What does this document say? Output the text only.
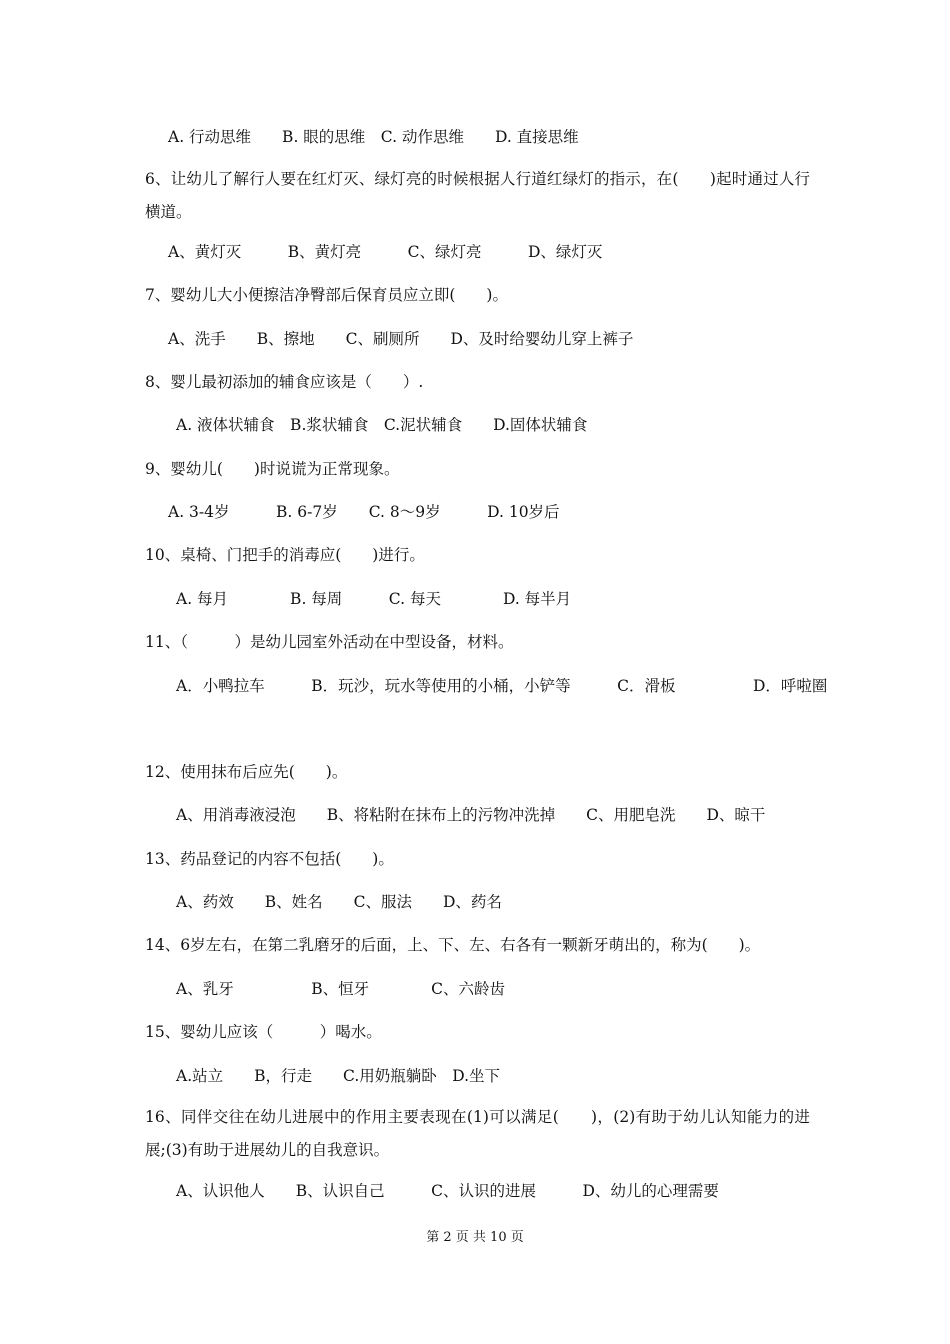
A. 行动思维　　B. 眼的思维　C. 动作思维　　D. 直接思维
6、让幼儿了解行人要在红灯灭、绿灯亮的时候根据人行道红绿灯的指示，在(　　)起时通过人行横道。
A、黄灯灭　　　B、黄灯亮　　　C、绿灯亮　　　D、绿灯灭
7、婴幼儿大小便擦洁净臀部后保育员应立即(　　)。
A、洗手　　B、擦地　　C、刷厕所　　D、及时给婴幼儿穿上裤子
8、婴儿最初添加的辅食应该是（　　）.
A. 液体状辅食　B.浆状辅食　C.泥状辅食　　D.固体状辅食
9、婴幼儿(　　)时说谎为正常现象。
A. 3-4岁　　　B. 6-7岁　　C. 8～9岁　　　D. 10岁后
10、桌椅、门把手的消毒应(　　)进行。
A. 每月　　　　B. 每周　　　C. 每天　　　　D. 每半月
11、（　　　）是幼儿园室外活动在中型设备，材料。
A．小鸭拉车　　　B．玩沙，玩水等使用的小桶，小铲等　　　C．滑板　　　　　D．呼啦圈
12、使用抹布后应先(　　)。
A、用消毒液浸泡　　B、将粘附在抹布上的污物冲洗掉　　C、用肥皂洗　　D、晾干
13、药品登记的内容不包括(　　)。
A、药效　　B、姓名　　C、服法　　D、药名
14、6岁左右，在第二乳磨牙的后面，上、下、左、右各有一颗新牙萌出的，称为(　　)。
A、乳牙　　　　　B、恒牙　　　　C、六龄齿
15、婴幼儿应该（　　　）喝水。
A.站立　　B，行走　　C.用奶瓶躺卧　D.坐下
16、同伴交往在幼儿进展中的作用主要表现在(1)可以满足(　　)，(2)有助于幼儿认知能力的进展;(3)有助于进展幼儿的自我意识。
A、认识他人　　B、认识自己　　　C、认识的进展　　　D、幼儿的心理需要
第 2 页 共 10 页
